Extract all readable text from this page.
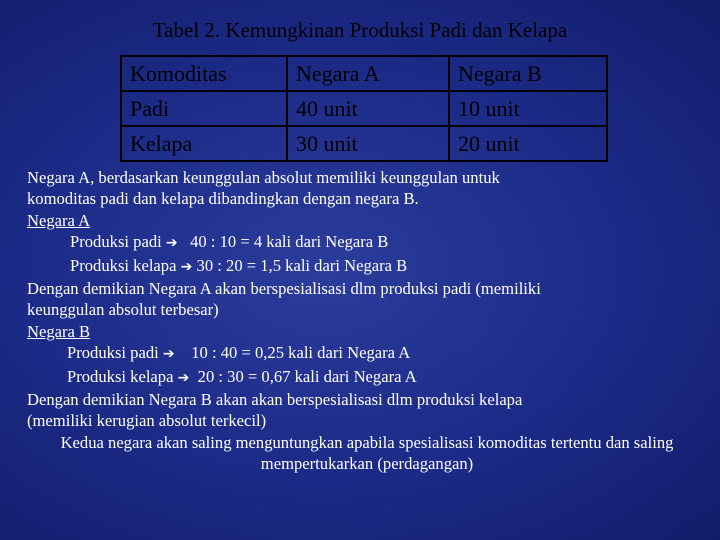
Tabel 2. Kemungkinan Produksi Padi dan Kelapa
Komoditas	Negara A	Negara B
Padi	40 unit	10 unit
Kelapa	30 unit	20 unit
Negara A, berdasarkan keunggulan absolut memiliki keunggulan untuk
komoditas padi dan kelapa dibandingkan dengan negara B.
Negara A
Produksi padi ➔ 40 : 10 = 4 kali dari Negara B
Produksi kelapa ➔ 30 : 20 = 1,5 kali dari Negara B
Dengan demikian Negara A akan berspesialisasi dlm produksi padi (memiliki
keunggulan absolut terbesar)
Negara B
Produksi padi ➔ 10 : 40 = 0,25 kali dari Negara A
Produksi kelapa ➔ 20 : 30 = 0,67 kali dari Negara A
Dengan demikian Negara B akan akan berspesialisasi dlm produksi kelapa
(memiliki kerugian absolut terkecil)
Kedua negara akan saling menguntungkan apabila spesialisasi komoditas tertentu dan saling mempertukarkan (perdagangan)
